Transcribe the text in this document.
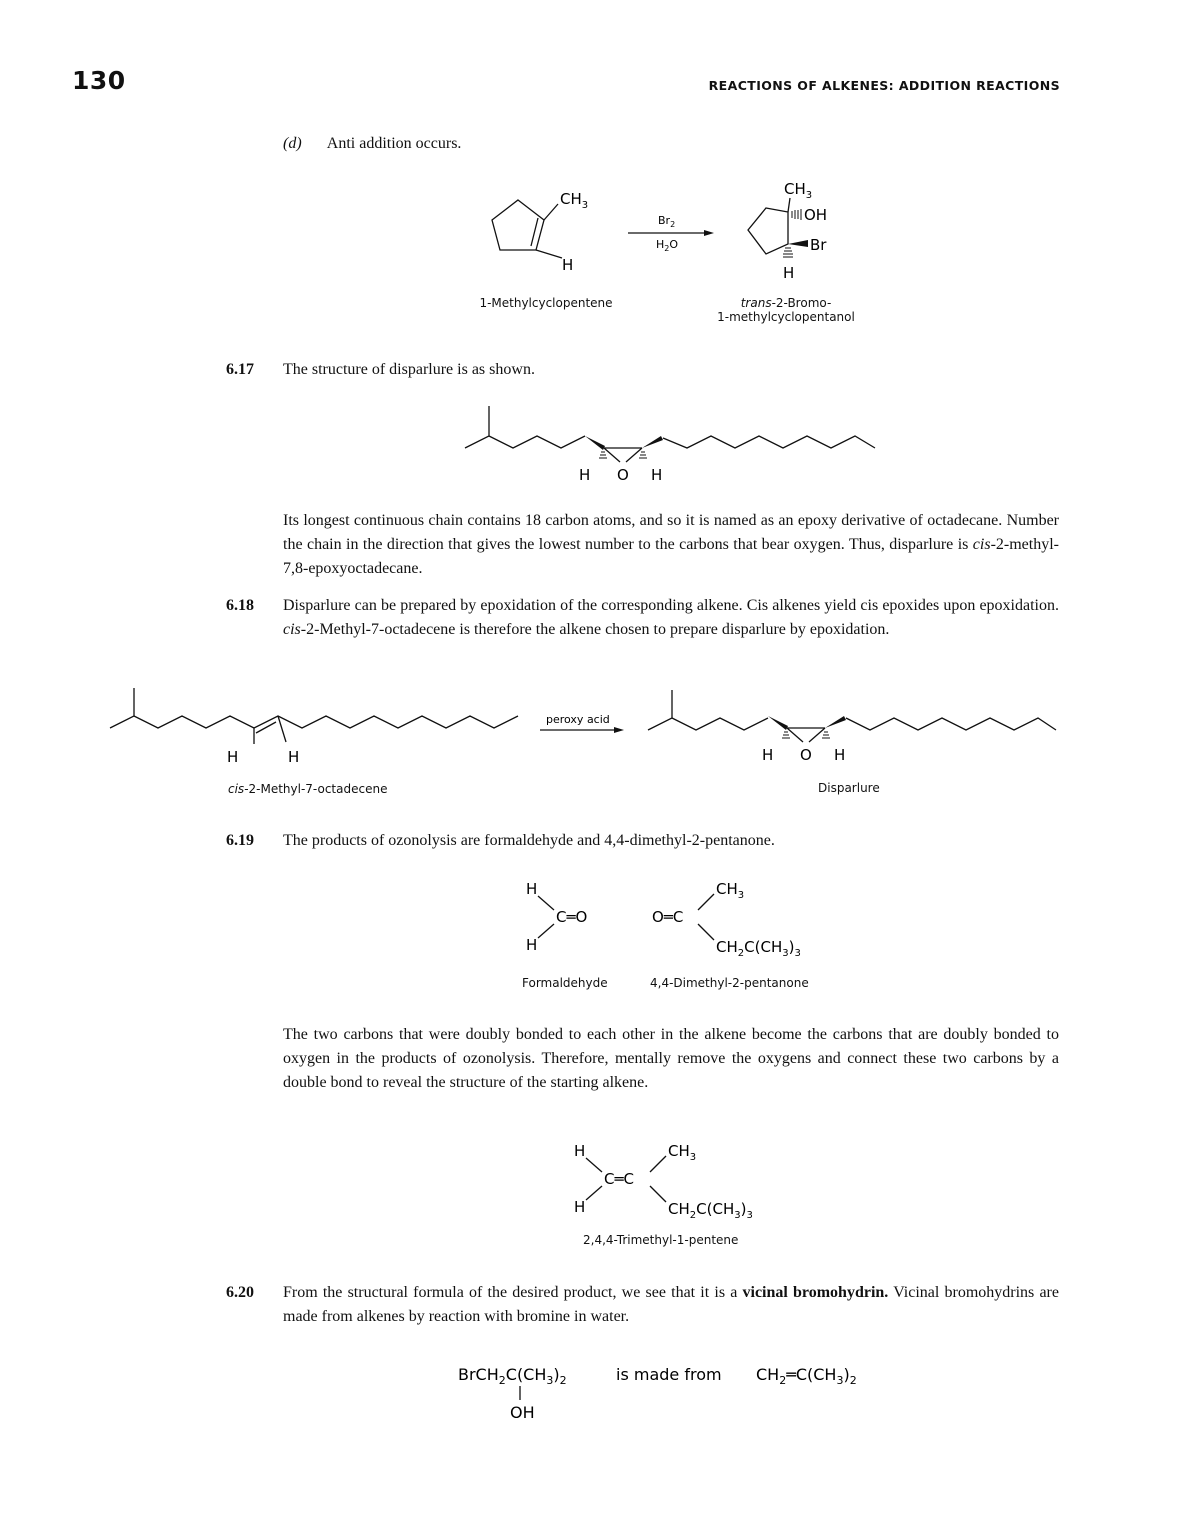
130	REACTIONS OF ALKENES: ADDITION REACTIONS
(d) Anti addition occurs.
$CH_3$
H
$Br_2$
$H_2O$
$CH_3$
OH
Br
H
1-Methylcyclopentene	trans-2-Bromo-
1-methylcyclopentanol
6.17 The structure of disparlure is as shown.
H O H
Its longest continuous chain contains 18 carbon atoms, and so it is named as an epoxy derivative of octadecane. Number the chain in the direction that gives the lowest number to the carbons that bear oxygen. Thus, disparlure is cis-2-methyl-7,8-epoxyoctadecane.
6.18 Disparlure can be prepared by epoxidation of the corresponding alkene. Cis alkenes yield cis epoxides upon epoxidation. cis-2-Methyl-7-octadecene is therefore the alkene chosen to prepare disparlure by epoxidation.
H	H
peroxy acid
H O H
cis-2-Methyl-7-octadecene	Disparlure
6.19 The products of ozonolysis are formaldehyde and 4,4-dimethyl-2-pentanone.
H
H
C═O	O═C
$CH_3$
$CH_2C(CH_3)_3$
Formaldehyde	4,4-Dimethyl-2-pentanone
The two carbons that were doubly bonded to each other in the alkene become the carbons that are doubly bonded to oxygen in the products of ozonolysis. Therefore, mentally remove the oxygens and connect these two carbons by a double bond to reveal the structure of the starting alkene.
H
H
C═C
$CH_3$
$CH_2C(CH_3)_3$
2,4,4-Trimethyl-1-pentene
6.20 From the structural formula of the desired product, we see that it is a vicinal bromohydrin. Vicinal bromohydrins are made from alkenes by reaction with bromine in water.
$BrCH_2C(CH_3)_2$
OH
is made from $CH_2═C(CH_3)_2$
